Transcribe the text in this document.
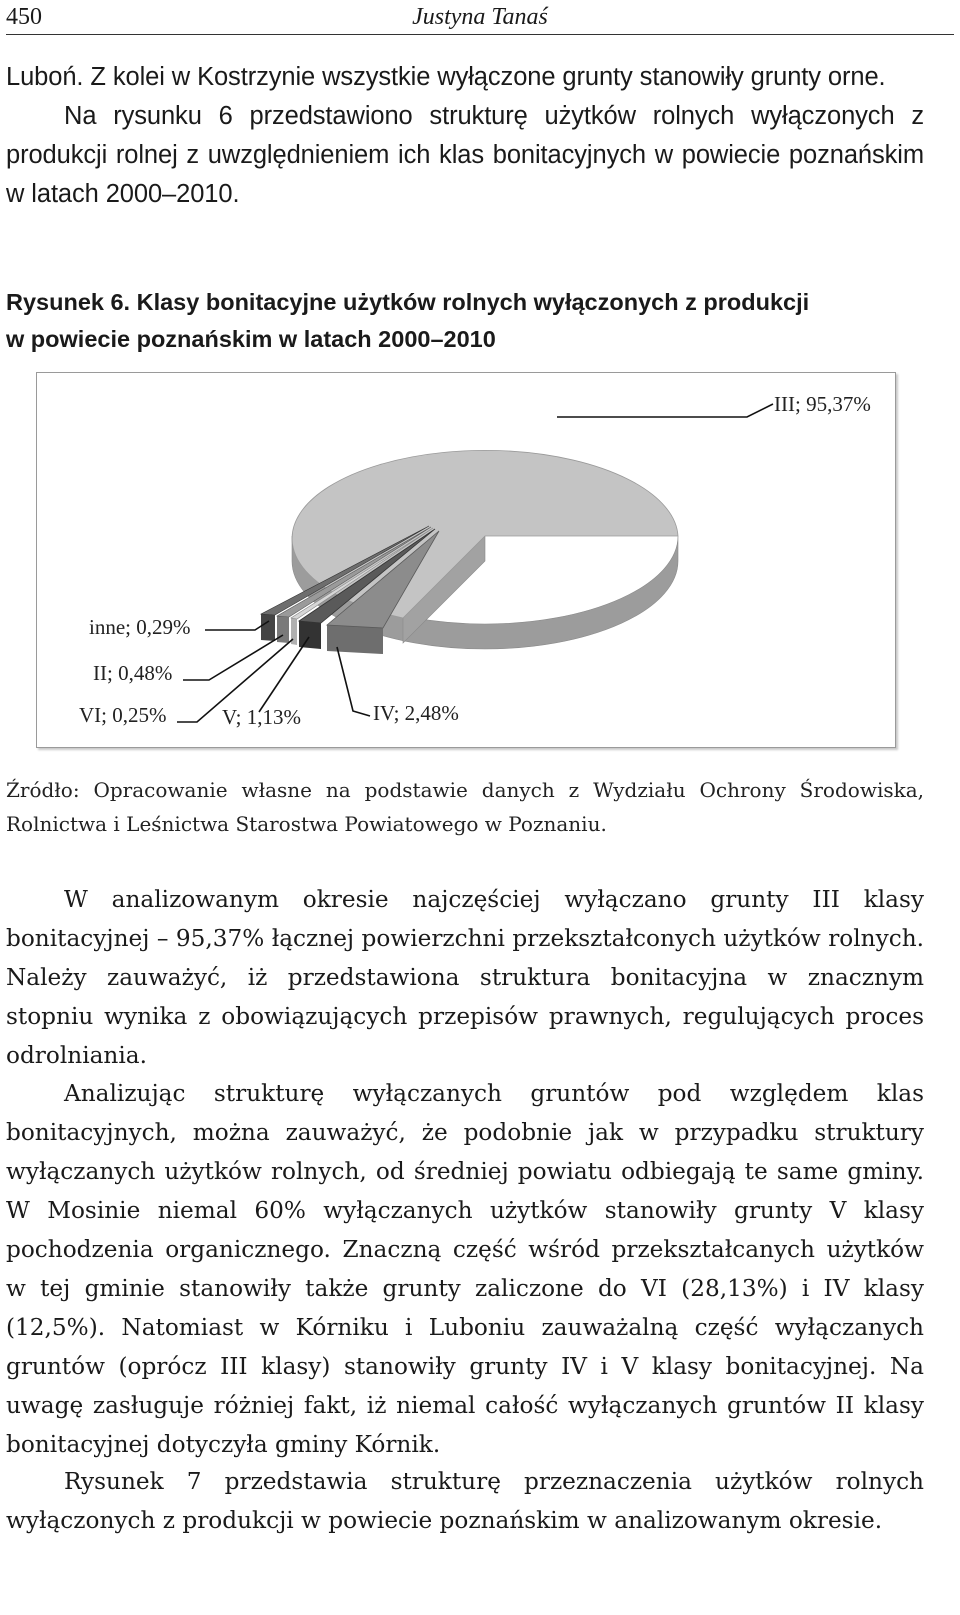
450	Justyna Tanaś

Luboń. Z kolei w Kostrzynie wszystkie wyłączone grunty stanowiły grunty orne.
Na rysunku 6 przedstawiono strukturę użytków rolnych wyłączonych z produkcji rolnej z uwzględnieniem ich klas bonitacyjnych w powiecie poznańskim w latach 2000–2010.

Rysunek 6. Klasy bonitacyjne użytków rolnych wyłączonych z produkcji
w powiecie poznańskim w latach 2000–2010

III; 95,37%
IV; 2,48%
V; 1,13%
VI; 0,25%
II; 0,48%
inne; 0,29%

Źródło: Opracowanie własne na podstawie danych z Wydziału Ochrony Środowiska, Rolnictwa i Leśnictwa Starostwa Powiatowego w Poznaniu.

W analizowanym okresie najczęściej wyłączano grunty III klasy bonitacyjnej – 95,37% łącznej powierzchni przekształconych użytków rolnych. Należy zauważyć, iż przedstawiona struktura bonitacyjna w znacznym stopniu wynika z obowiązujących przepisów prawnych, regulujących proces odrolniania.

Analizując strukturę wyłączanych gruntów pod względem klas bonitacyjnych, można zauważyć, że podobnie jak w przypadku struktury wyłączanych użytków rolnych, od średniej powiatu odbiegają te same gminy. W Mosinie niemal 60% wyłączanych użytków stanowiły grunty V klasy pochodzenia organicznego. Znaczną część wśród przekształcanych użytków w tej gminie stanowiły także grunty zaliczone do VI (28,13%) i IV klasy (12,5%). Natomiast w Kórniku i Luboniu zauważalną część wyłączanych gruntów (oprócz III klasy) stanowiły grunty IV i V klasy bonitacyjnej. Na uwagę zasługuje różniej fakt, iż niemal całość wyłączanych gruntów II klasy bonitacyjnej dotyczyła gminy Kórnik.

Rysunek 7 przedstawia strukturę przeznaczenia użytków rolnych wyłączonych z produkcji w powiecie poznańskim w analizowanym okresie.
